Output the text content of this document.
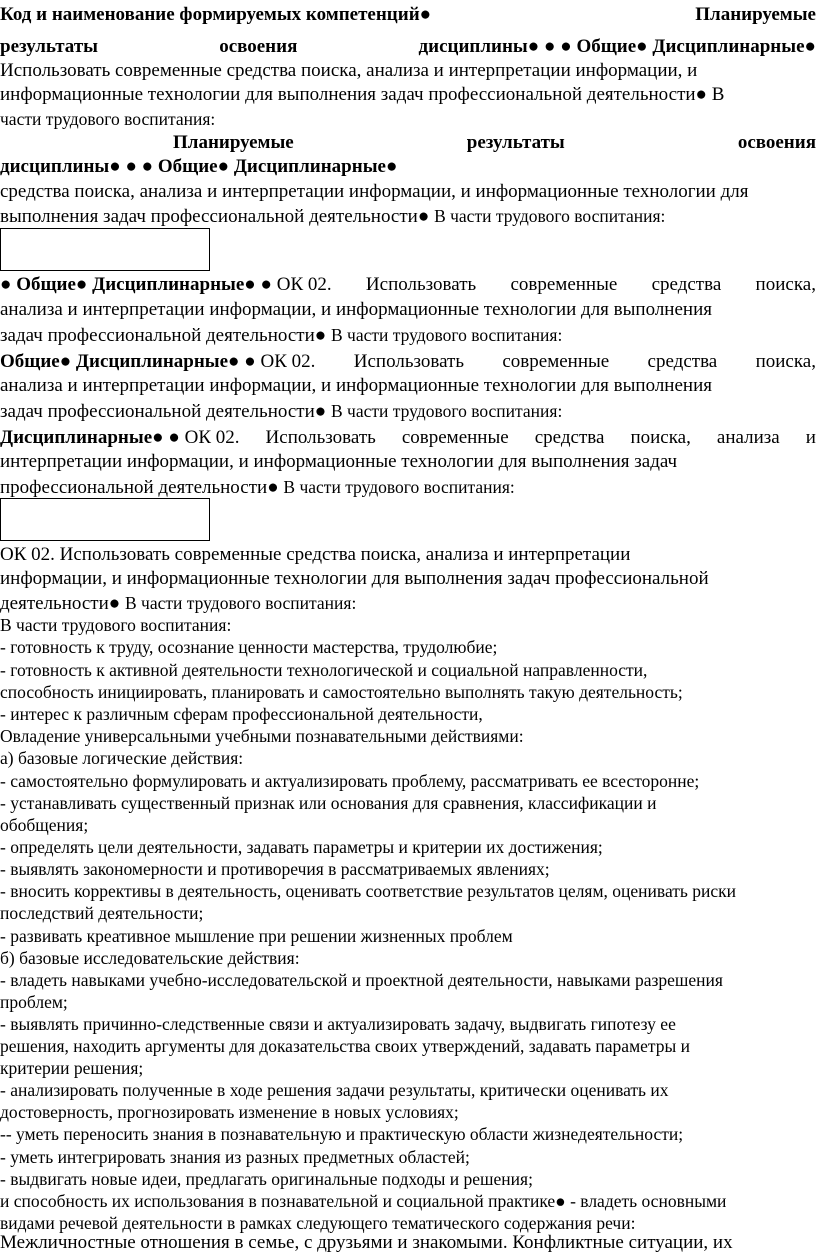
Код и наименование формируемых компетенций●	Планируемые
результаты	освоения	дисциплины● ● ● Общие● Дисциплинарные●
Использовать современные средства поиска, анализа и интерпретации информации, и
информационные технологии для выполнения задач профессиональной деятельности● В
части трудового воспитания:
Планируемые	результаты	освоения
дисциплины● ● ● Общие● Дисциплинарные●
средства поиска, анализа и интерпретации информации, и информационные технологии для
выполнения задач профессиональной деятельности● В части трудового воспитания:
● Общие● Дисциплинарные● ● ОК 02. Использовать современные средства поиска,
анализа и интерпретации информации, и информационные технологии для выполнения
задач профессиональной деятельности● В части трудового воспитания:
Общие● Дисциплинарные● ● ОК 02. Использовать современные средства поиска,
анализа и интерпретации информации, и информационные технологии для выполнения
задач профессиональной деятельности● В части трудового воспитания:
Дисциплинарные● ● ОК 02. Использовать современные средства поиска, анализа и
интерпретации информации, и информационные технологии для выполнения задач
профессиональной деятельности● В части трудового воспитания:
ОК 02. Использовать современные средства поиска, анализа и интерпретации
информации, и информационные технологии для выполнения задач профессиональной
деятельности● В части трудового воспитания:
В части трудового воспитания:
- готовность к труду, осознание ценности мастерства, трудолюбие;
- готовность к активной деятельности технологической и социальной направленности,
способность инициировать, планировать и самостоятельно выполнять такую деятельность;
- интерес к различным сферам профессиональной деятельности,
Овладение универсальными учебными познавательными действиями:
а) базовые логические действия:
- самостоятельно формулировать и актуализировать проблему, рассматривать ее всесторонне;
- устанавливать существенный признак или основания для сравнения, классификации и
обобщения;
- определять цели деятельности, задавать параметры и критерии их достижения;
- выявлять закономерности и противоречия в рассматриваемых явлениях;
- вносить коррективы в деятельность, оценивать соответствие результатов целям, оценивать риски
последствий деятельности;
- развивать креативное мышление при решении жизненных проблем
б) базовые исследовательские действия:
- владеть навыками учебно-исследовательской и проектной деятельности, навыками разрешения
проблем;
- выявлять причинно-следственные связи и актуализировать задачу, выдвигать гипотезу ее
решения, находить аргументы для доказательства своих утверждений, задавать параметры и
критерии решения;
- анализировать полученные в ходе решения задачи результаты, критически оценивать их
достоверность, прогнозировать изменение в новых условиях;
-- уметь переносить знания в познавательную и практическую области жизнедеятельности;
- уметь интегрировать знания из разных предметных областей;
- выдвигать новые идеи, предлагать оригинальные подходы и решения;
и способность их использования в познавательной и социальной практике● - владеть основными
видами речевой деятельности в рамках следующего тематического содержания речи:
Межличностные отношения в семье, с друзьями и знакомыми. Конфликтные ситуации, их
